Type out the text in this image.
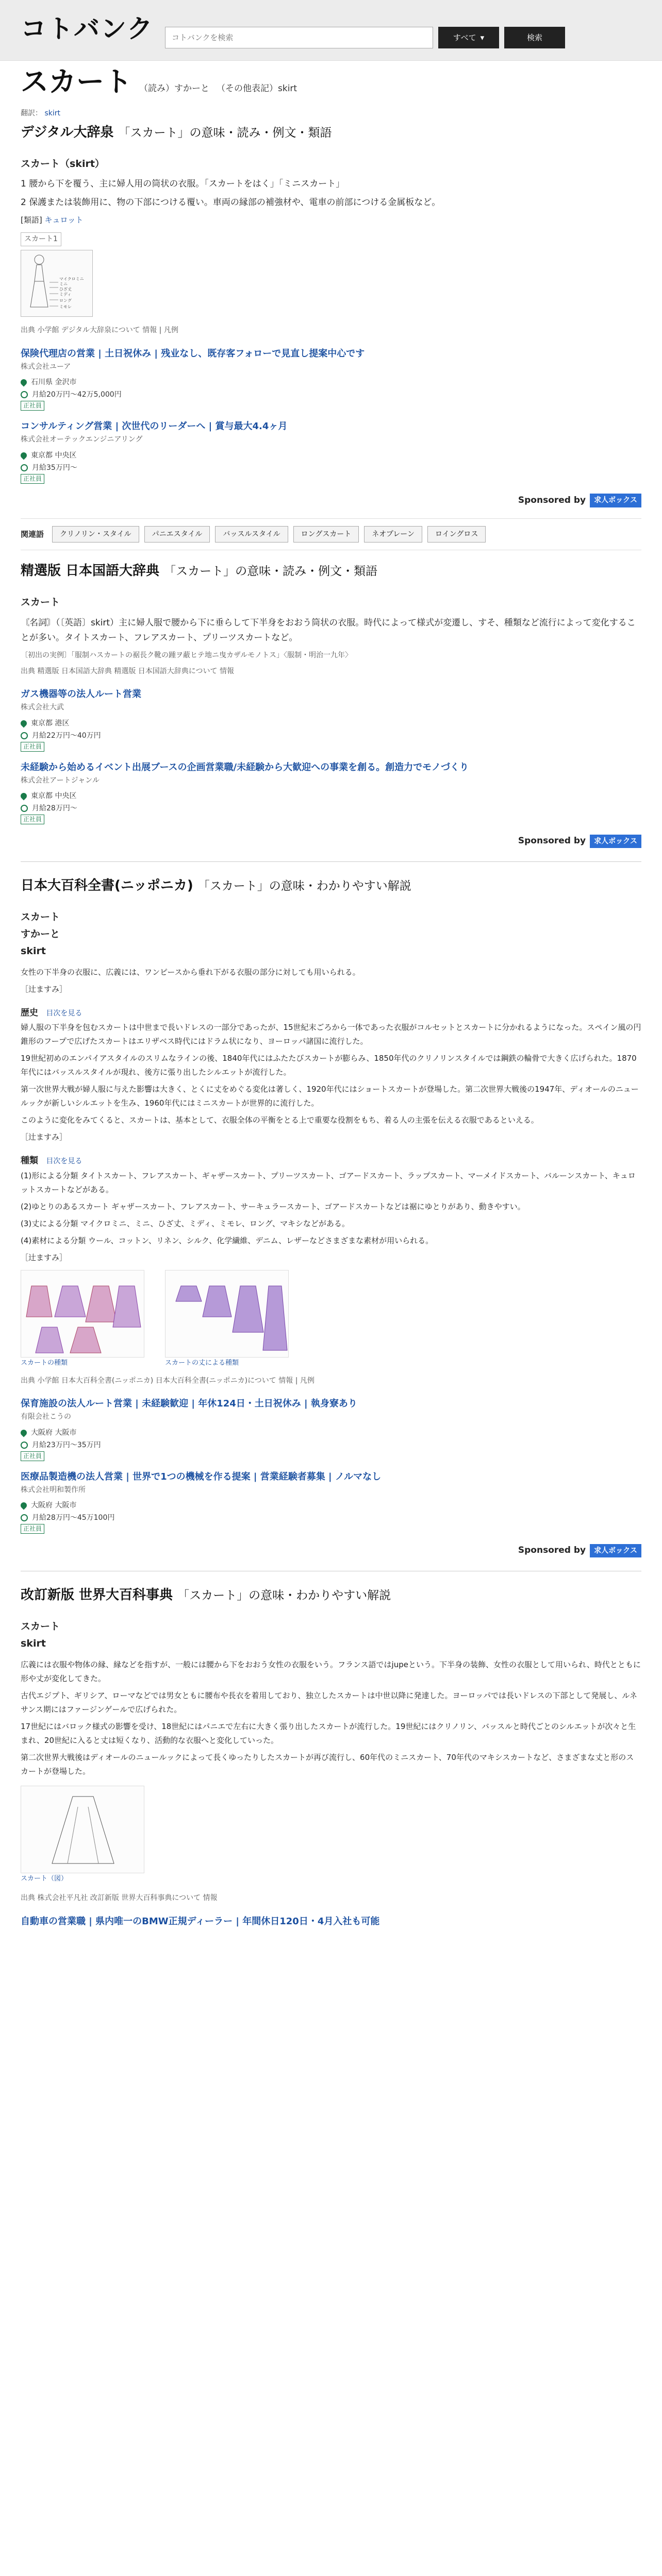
コトバンク
コトバンクを検索	すべて ▾	検索
スカート （読み）すかーと （その他表記）skirt
翻訳： skirt
デジタル大辞泉 「スカート」の意味・読み・例文・類語
スカート（skirt）

1 腰から下を覆う、主に婦人用の筒状の衣服。「スカートをはく」「ミニスカート」

2 保護または装飾用に、物の下部につける覆い。車両の縁部の補強材や、電車の前部につける金属板など。

[類語] キュロット

スカート1
マイクロミニ
ミニ
ひざ丈
ミディ
ロング
ミモレ
出典 小学館 デジタル大辞泉について 情報 | 凡例
保険代理店の営業 | 土日祝休み | 残业なし、既存客フォローで見直し提案中心です
株式会社ユーア
石川県 金沢市
月給20万円〜42万5,000円
正社員
コンサルティング営業 | 次世代のリーダーへ | 賞与最大4.4ヶ月
株式会社オーテックエンジニアリング
東京都 中央区
月給35万円〜
正社員
Sponsored by	求人ボックス
関連語	クリノリン・スタイル	パニエスタイル	バッスルスタイル	ロングスカート	ネオプレーン	ロイングロス
精選版 日本国語大辞典 「スカート」の意味・読み・例文・類語
スカート

〘名詞〙（〔英語〕skirt）主に婦人服で腰から下に垂らして下半身をおおう筒状の衣服。時代によって様式が変遷し、すそ、種類など流行によって変化することが多い。タイトスカート、フレアスカート、プリーツスカートなど。

〔初出の実例〕「服制ハスカートの裾長ク靴の踵ヲ蔽ヒテ地ニ曳カザルモノトス」〈服制・明治一九年〉

出典 精選版 日本国語大辞典 精選版 日本国語大辞典について 情報
ガス機器等の法人ルート営業
株式会社大武
東京都 港区
月給22万円〜40万円
正社員
未経験から始めるイベント出展ブースの企画営業職/未経験から大歓迎への事業を創る。創造力でモノづくり
株式会社アートジャンル
東京都 中央区
月給28万円〜
正社員
Sponsored by	求人ボックス
日本大百科全書(ニッポニカ) 「スカート」の意味・わかりやすい解説
スカート
すかーと
skirt

女性の下半身の衣服に、広義には、ワンピースから垂れ下がる衣服の部分に対しても用いられる。

［辻ますみ］

歴史 目次を見る

婦人服の下半身を包むスカートは中世まで長いドレスの一部分であったが、15世紀末ごろから一体であった衣服がコルセットとスカートに分かれるようになった。スペイン風の円錐形のフープで広げたスカートはエリザベス時代にはドラム状になり、ヨーロッパ諸国に流行した。

19世紀初めのエンパイアスタイルのスリムなラインの後、1840年代にはふたたびスカートが膨らみ、1850年代のクリノリンスタイルでは鋼鉄の輪骨で大きく広げられた。1870年代にはバッスルスタイルが現れ、後方に張り出したシルエットが流行した。

第一次世界大戦が婦人服に与えた影響は大きく、とくに丈をめぐる変化は著しく、1920年代にはショートスカートが登場した。第二次世界大戦後の1947年、ディオールのニュールックが新しいシルエットを生み、1960年代にはミニスカートが世界的に流行した。

このように変化をみてくると、スカートは、基本として、衣服全体の平衡をとる上で重要な役割をもち、着る人の主張を伝える衣服であるといえる。

［辻ますみ］

種類 目次を見る

(1)形による分類 タイトスカート、フレアスカート、ギャザースカート、プリーツスカート、ゴアードスカート、ラップスカート、マーメイドスカート、バルーンスカート、キュロットスカートなどがある。

(2)ゆとりのあるスカート ギャザースカート、フレアスカート、サーキュラースカート、ゴアードスカートなどは裾にゆとりがあり、動きやすい。

(3)丈による分類 マイクロミニ、ミニ、ひざ丈、ミディ、ミモレ、ロング、マキシなどがある。

(4)素材による分類 ウール、コットン、リネン、シルク、化学繊維、デニム、レザーなどさまざまな素材が用いられる。

［辻ますみ］

スカートの種類	スカートの丈による種類
出典 小学館 日本大百科全書(ニッポニカ) 日本大百科全書(ニッポニカ)について 情報 | 凡例
保育施設の法人ルート営業 | 未経験歓迎 | 年休124日・土日祝休み | 執身寮あり
有限会社こうの
大阪府 大阪市
月給23万円〜35万円
正社員
医療品製造機の法人営業 | 世界で1つの機械を作る提案 | 営業経験者募集 | ノルマなし
株式会社明和製作所
大阪府 大阪市
月給28万円〜45万100円
正社員
Sponsored by	求人ボックス
改訂新版 世界大百科事典 「スカート」の意味・わかりやすい解説
スカート
skirt

広義には衣服や物体の縁、縁などを指すが、一般には腰から下をおおう女性の衣服をいう。フランス語ではjupeという。下半身の装飾、女性の衣服として用いられ、時代とともに形や丈が変化してきた。

古代エジプト、ギリシア、ローマなどでは男女ともに腰布や長衣を着用しており、独立したスカートは中世以降に発達した。ヨーロッパでは長いドレスの下部として発展し、ルネサンス期にはファージンゲールで広げられた。

17世紀にはバロック様式の影響を受け、18世紀にはパニエで左右に大きく張り出したスカートが流行した。19世紀にはクリノリン、バッスルと時代ごとのシルエットが次々と生まれ、20世紀に入ると丈は短くなり、活動的な衣服へと変化していった。

第二次世界大戦後はディオールのニュールックによって長くゆったりしたスカートが再び流行し、60年代のミニスカート、70年代のマキシスカートなど、さまざまな丈と形のスカートが登場した。

スカート（図）
出典 株式会社平凡社 改訂新版 世界大百科事典について 情報
自動車の営業職 | 県内唯一のBMW正規ディーラー | 年間休日120日・4月入社も可能
